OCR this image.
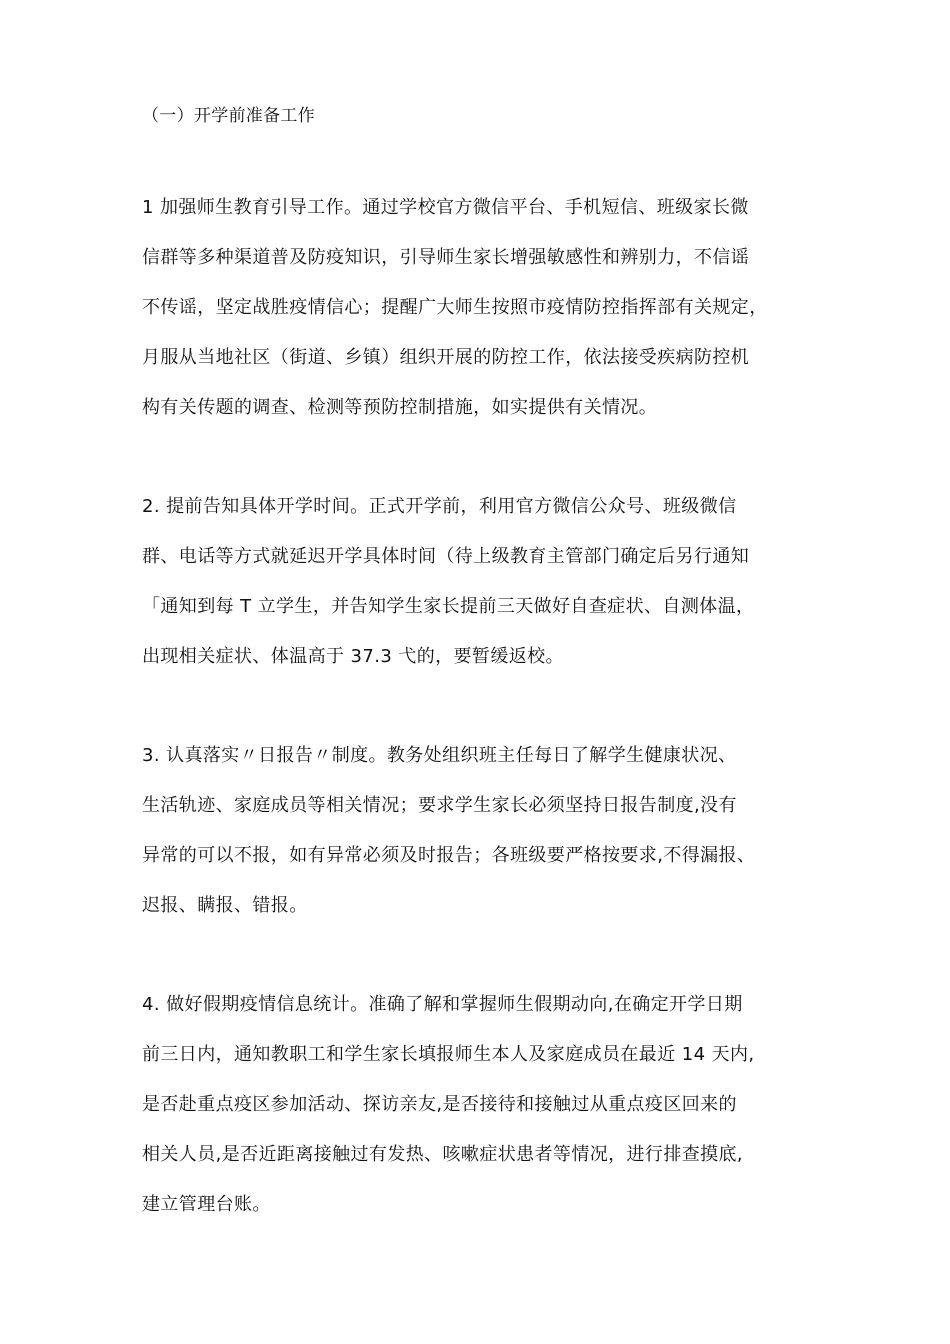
（一）开学前准备工作

1 加强师生教育引导工作。通过学校官方微信平台、手机短信、班级家长微
信群等多种渠道普及防疫知识，引导师生家长增强敏感性和辨别力，不信谣
不传谣，坚定战胜疫情信心；提醒广大师生按照市疫情防控指挥部有关规定，
月服从当地社区（街道、乡镇）组织开展的防控工作，依法接受疾病防控机
构有关传题的调查、检测等预防控制措施，如实提供有关情况。

2. 提前告知具体开学时间。正式开学前，利用官方微信公众号、班级微信
群、电话等方式就延迟开学具体时间（待上级教育主管部门确定后另行通知
「通知到每 T 立学生，并告知学生家长提前三天做好自查症状、自测体温，
出现相关症状、体温高于 37.3 弋的，要暂缓返校。

3. 认真落实〃日报告〃制度。教务处组织班主任每日了解学生健康状况、
生活轨迹、家庭成员等相关情况；要求学生家长必须坚持日报告制度,没有
异常的可以不报，如有异常必须及时报告；各班级要严格按要求,不得漏报、
迟报、瞒报、错报。

4. 做好假期疫情信息统计。准确了解和掌握师生假期动向,在确定开学日期
前三日内，通知教职工和学生家长填报师生本人及家庭成员在最近 14 天内,
是否赴重点疫区参加活动、探访亲友,是否接待和接触过从重点疫区回来的
相关人员,是否近距离接触过有发热、咳嗽症状患者等情况，进行排查摸底,
建立管理台账。
